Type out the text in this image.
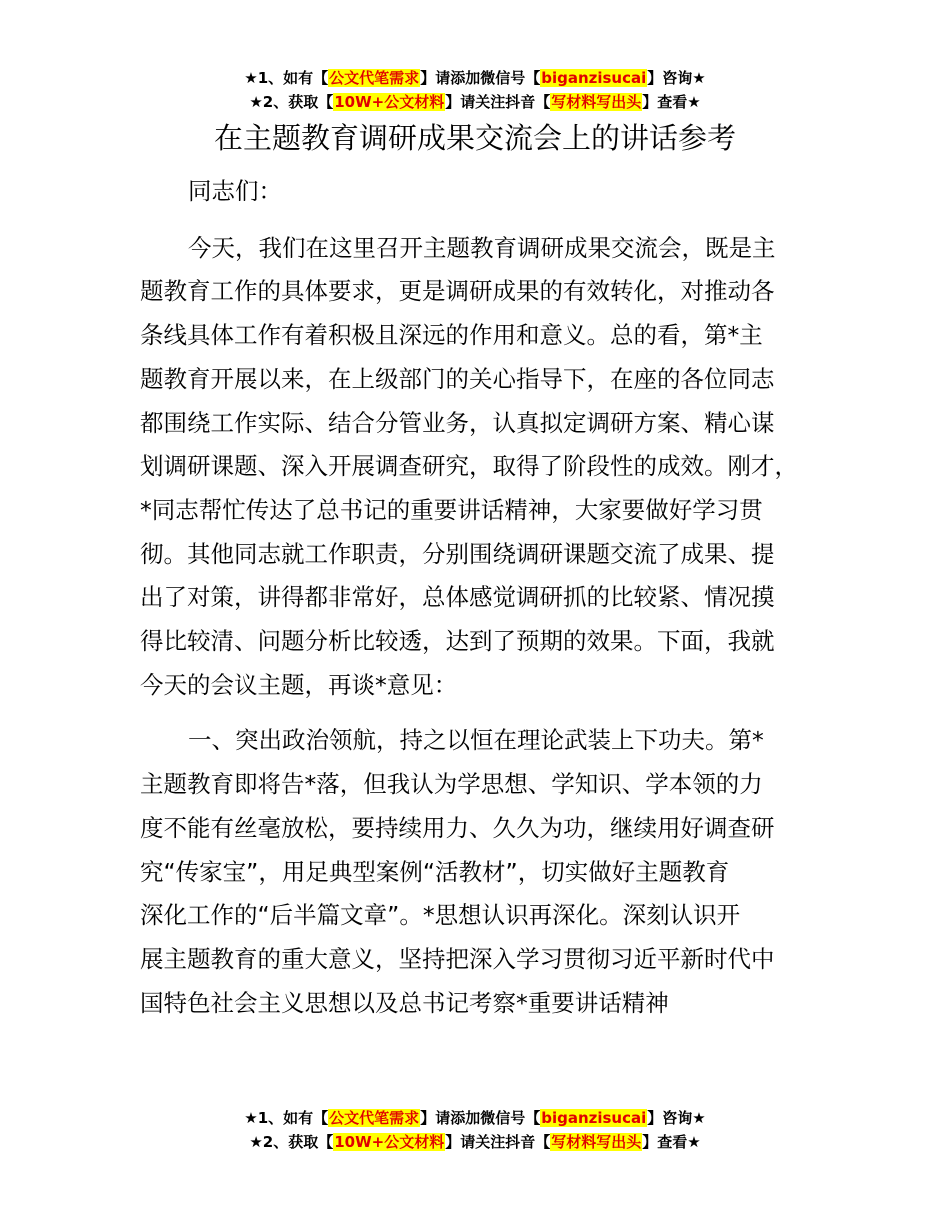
★1、如有【公文代笔需求】请添加微信号【biganzisucai】咨询★
★2、获取【10W+公文材料】请关注抖音【写材料写出头】查看★
在主题教育调研成果交流会上的讲话参考

同志们：

今天，我们在这里召开主题教育调研成果交流会，既是主
题教育工作的具体要求，更是调研成果的有效转化，对推动各
条线具体工作有着积极且深远的作用和意义。总的看，第*主
题教育开展以来，在上级部门的关心指导下，在座的各位同志
都围绕工作实际、结合分管业务，认真拟定调研方案、精心谋
划调研课题、深入开展调查研究，取得了阶段性的成效。刚才，
*同志帮忙传达了总书记的重要讲话精神，大家要做好学习贯
彻。其他同志就工作职责，分别围绕调研课题交流了成果、提
出了对策，讲得都非常好，总体感觉调研抓的比较紧、情况摸
得比较清、问题分析比较透，达到了预期的效果。下面，我就
今天的会议主题，再谈*意见：

一、突出政治领航，持之以恒在理论武装上下功夫。第*
主题教育即将告*落，但我认为学思想、学知识、学本领的力
度不能有丝毫放松，要持续用力、久久为功，继续用好调查研
究“传家宝”，用足典型案例“活教材”，切实做好主题教育
深化工作的“后半篇文章”。*思想认识再深化。深刻认识开
展主题教育的重大意义，坚持把深入学习贯彻习近平新时代中
国特色社会主义思想以及总书记考察*重要讲话精神

★1、如有【公文代笔需求】请添加微信号【biganzisucai】咨询★
★2、获取【10W+公文材料】请关注抖音【写材料写出头】查看★
